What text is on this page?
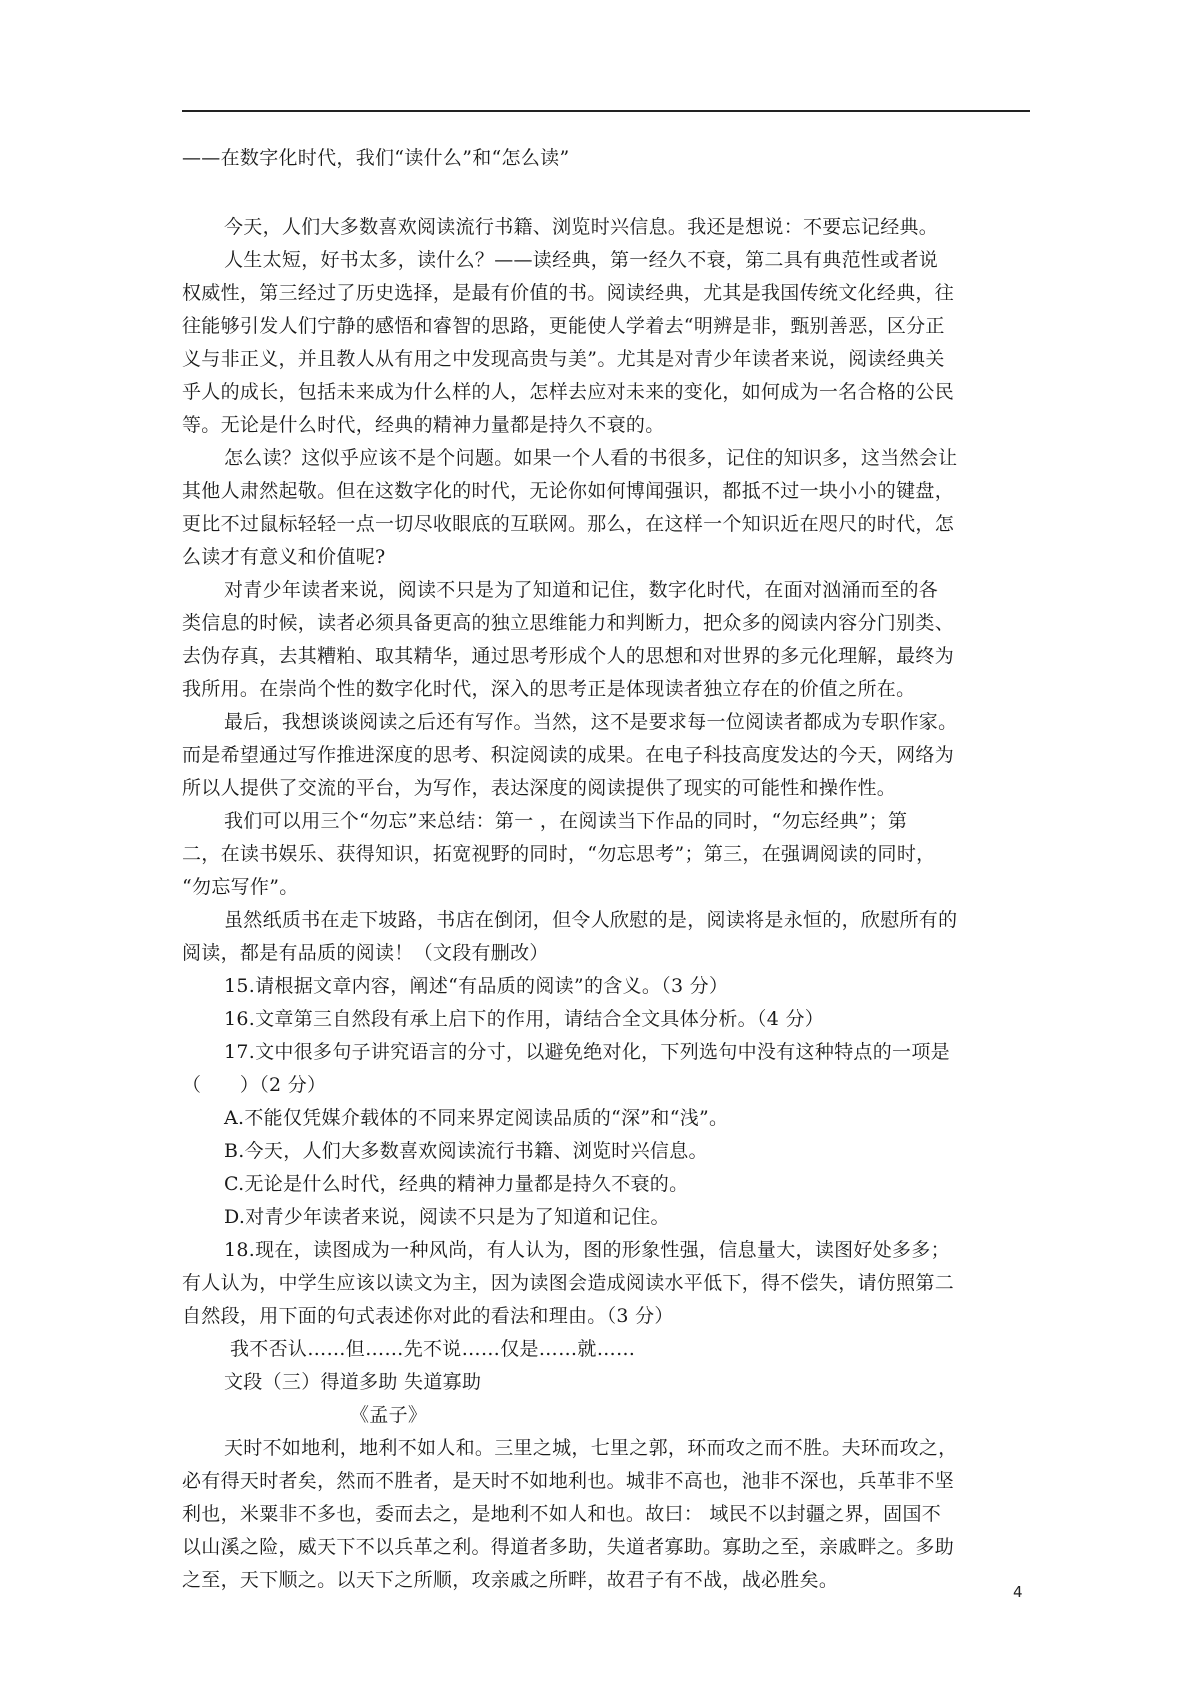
——在数字化时代，我们“读什么”和“怎么读”
今天，人们大多数喜欢阅读流行书籍、浏览时兴信息。我还是想说：不要忘记经典。
人生太短，好书太多，读什么？——读经典，第一经久不衰，第二具有典范性或者说
权威性，第三经过了历史选择，是最有价值的书。阅读经典，尤其是我国传统文化经典，往
往能够引发人们宁静的感悟和睿智的思路，更能使人学着去“明辨是非，甄别善恶，区分正
义与非正义，并且教人从有用之中发现高贵与美”。尤其是对青少年读者来说，阅读经典关
乎人的成长，包括未来成为什么样的人，怎样去应对未来的变化，如何成为一名合格的公民
等。无论是什么时代，经典的精神力量都是持久不衰的。
怎么读？这似乎应该不是个问题。如果一个人看的书很多，记住的知识多，这当然会让
其他人肃然起敬。但在这数字化的时代，无论你如何博闻强识，都抵不过一块小小的键盘，
更比不过鼠标轻轻一点一切尽收眼底的互联网。那么，在这样一个知识近在咫尺的时代，怎
么读才有意义和价值呢?
对青少年读者来说，阅读不只是为了知道和记住，数字化时代，在面对汹涌而至的各
类信息的时候，读者必须具备更高的独立思维能力和判断力，把众多的阅读内容分门别类、
去伪存真，去其糟粕、取其精华，通过思考形成个人的思想和对世界的多元化理解，最终为
我所用。在崇尚个性的数字化时代，深入的思考正是体现读者独立存在的价值之所在。
最后，我想谈谈阅读之后还有写作。当然，这不是要求每一位阅读者都成为专职作家。
而是希望通过写作推进深度的思考、积淀阅读的成果。在电子科技高度发达的今天，网络为
所以人提供了交流的平台，为写作，表达深度的阅读提供了现实的可能性和操作性。
我们可以用三个“勿忘”来总结：第一 ，在阅读当下作品的同时，“勿忘经典”；第
二，在读书娱乐、获得知识，拓宽视野的同时，“勿忘思考”；第三，在强调阅读的同时，
“勿忘写作”。
虽然纸质书在走下坡路，书店在倒闭，但令人欣慰的是，阅读将是永恒的，欣慰所有的
阅读，都是有品质的阅读！（文段有删改）
15.请根据文章内容，阐述“有品质的阅读”的含义。（3 分）
16.文章第三自然段有承上启下的作用，请结合全文具体分析。（4 分）
17.文中很多句子讲究语言的分寸，以避免绝对化，下列选句中没有这种特点的一项是
（　　）（2 分）
A.不能仅凭媒介载体的不同来界定阅读品质的“深”和“浅”。
B.今天，人们大多数喜欢阅读流行书籍、浏览时兴信息。
C.无论是什么时代，经典的精神力量都是持久不衰的。
D.对青少年读者来说，阅读不只是为了知道和记住。
18.现在，读图成为一种风尚，有人认为，图的形象性强，信息量大，读图好处多多；
有人认为，中学生应该以读文为主，因为读图会造成阅读水平低下，得不偿失，请仿照第二
自然段，用下面的句式表述你对此的看法和理由。（3 分）
我不否认……但……先不说……仅是……就……
文段（三）得道多助 失道寡助
《孟子》
天时不如地利，地利不如人和。三里之城，七里之郭，环而攻之而不胜。夫环而攻之，
必有得天时者矣，然而不胜者，是天时不如地利也。城非不高也，池非不深也，兵革非不坚
利也，米粟非不多也，委而去之，是地利不如人和也。故曰： 域民不以封疆之界，固国不
以山溪之险，威天下不以兵革之利。得道者多助，失道者寡助。寡助之至，亲戚畔之。多助
之至，天下顺之。以天下之所顺，攻亲戚之所畔，故君子有不战，战必胜矣。
4
